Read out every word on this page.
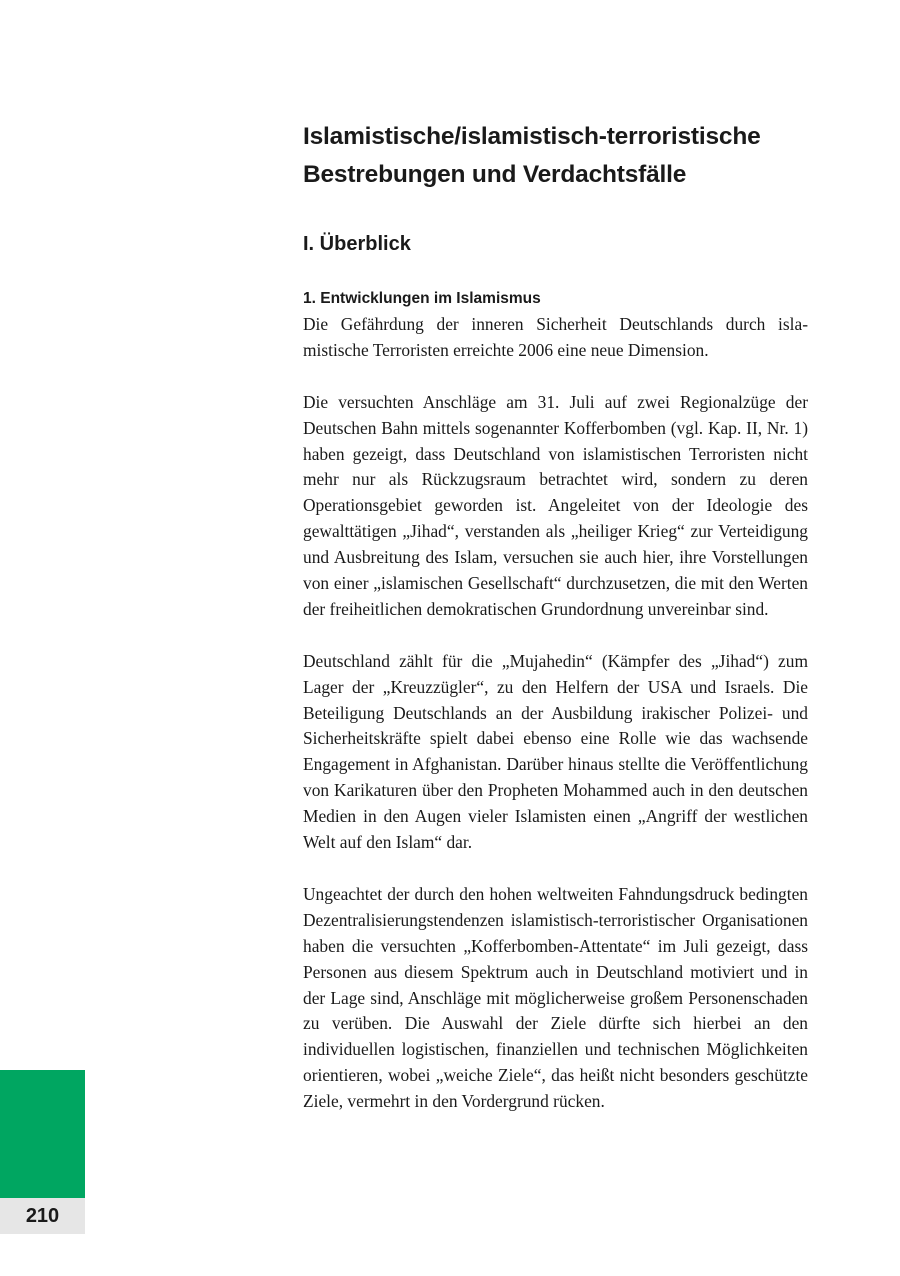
Islamistische/islamistisch-terroristische
Bestrebungen und Verdachtsfälle
I. Überblick
1. Entwicklungen im Islamismus

Die Gefährdung der inneren Sicherheit Deutschlands durch islamistische Terroristen erreichte 2006 eine neue Dimension.

Die versuchten Anschläge am 31. Juli auf zwei Regionalzüge der Deutschen Bahn mittels sogenannter Kofferbomben (vgl. Kap. II, Nr. 1) haben gezeigt, dass Deutschland von islamistischen Terroristen nicht mehr nur als Rückzugsraum betrachtet wird, sondern zu deren Operationsgebiet geworden ist. Angeleitet von der Ideologie des gewalttätigen „Jihad“, verstanden als „heiliger Krieg“ zur Verteidigung und Ausbreitung des Islam, versuchen sie auch hier, ihre Vorstellungen von einer „islamischen Gesellschaft“ durchzusetzen, die mit den Werten der freiheitlichen demokratischen Grundordnung unvereinbar sind.

Deutschland zählt für die „Mujahedin“ (Kämpfer des „Jihad“) zum Lager der „Kreuzzügler“, zu den Helfern der USA und Israels. Die Beteiligung Deutschlands an der Ausbildung irakischer Polizei- und Sicherheitskräfte spielt dabei ebenso eine Rolle wie das wachsende Engagement in Afghanistan. Darüber hinaus stellte die Veröffentlichung von Karikaturen über den Propheten Mohammed auch in den deutschen Medien in den Augen vieler Islamisten einen „Angriff der westlichen Welt auf den Islam“ dar.

Ungeachtet der durch den hohen weltweiten Fahndungsdruck bedingten Dezentralisierungstendenzen islamistisch-terroristischer Organisationen haben die versuchten „Kofferbomben-Attentate“ im Juli gezeigt, dass Personen aus diesem Spektrum auch in Deutschland motiviert und in der Lage sind, Anschläge mit möglicherweise großem Personenschaden zu verüben. Die Auswahl der Ziele dürfte sich hierbei an den individuellen logistischen, finanziellen und technischen Möglichkeiten orientieren, wobei „weiche Ziele“, das heißt nicht besonders geschützte Ziele, vermehrt in den Vordergrund rücken.

210
